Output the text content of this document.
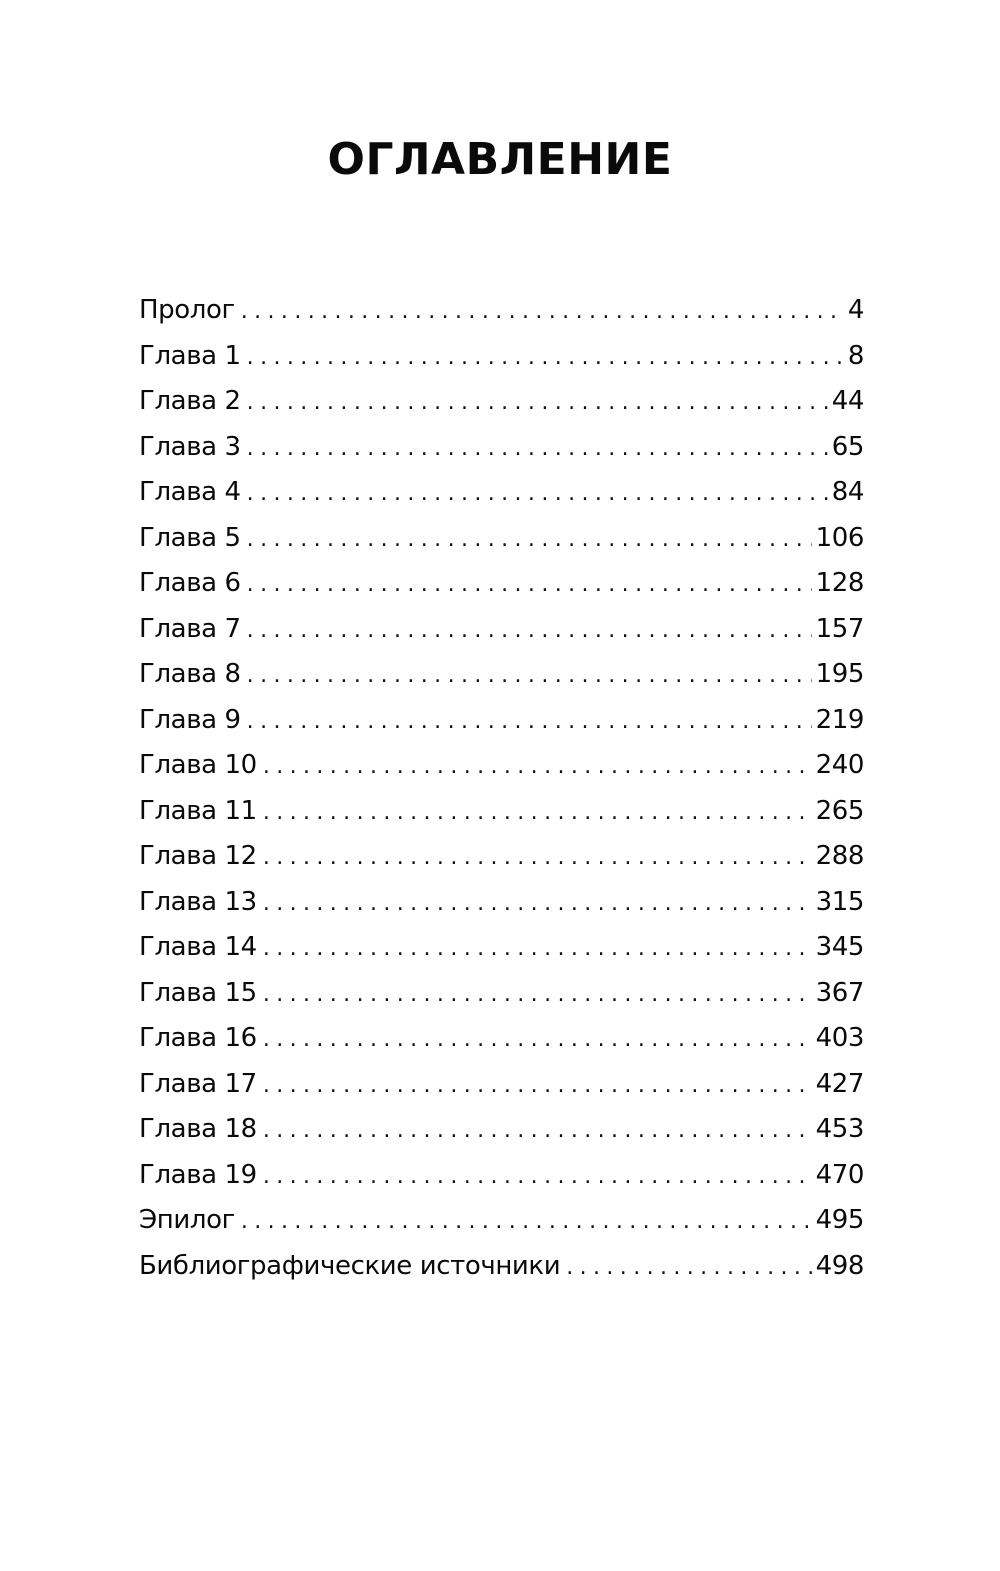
ОГЛАВЛЕНИЕ
Пролог .....	4
Глава 1 .....	8
Глава 2 .....	44
Глава 3 .....	65
Глава 4 .....	84
Глава 5 .....	106
Глава 6 .....	128
Глава 7 .....	157
Глава 8 .....	195
Глава 9 .....	219
Глава 10 .....	240
Глава 11 .....	265
Глава 12 .....	288
Глава 13 .....	315
Глава 14 .....	345
Глава 15 .....	367
Глава 16 .....	403
Глава 17 .....	427
Глава 18 .....	453
Глава 19 .....	470
Эпилог .....	495
Библиографические источники .....	498
